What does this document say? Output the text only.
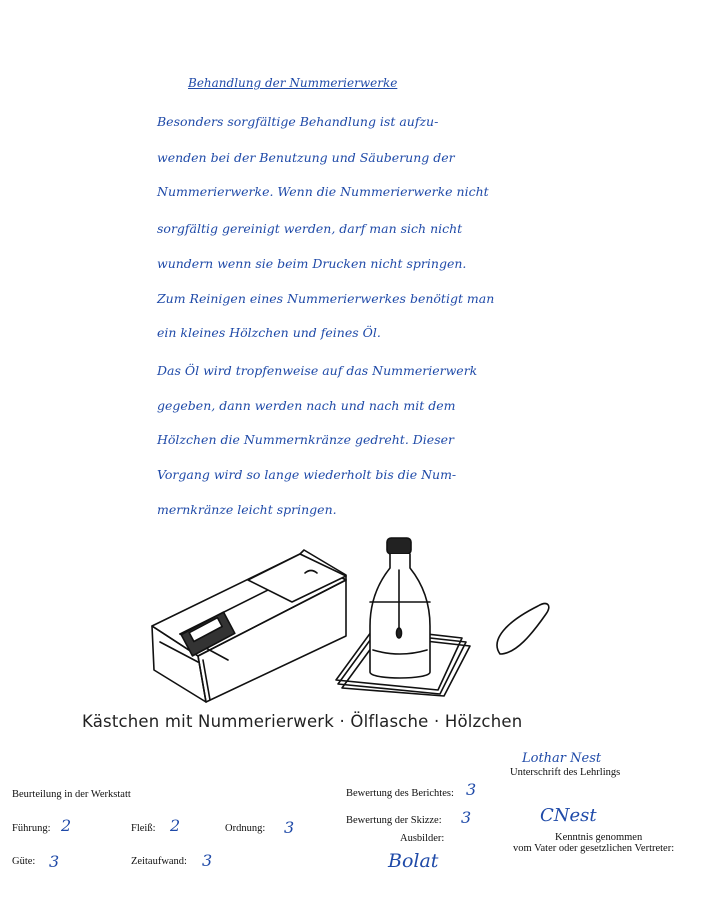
Behandlung der Nummerierwerke
Besonders sorgfältige Behandlung ist aufzu-
wenden bei der Benutzung und Säuberung der
Nummerierwerke. Wenn die Nummerierwerke nicht
sorgfältig gereinigt werden, darf man sich nicht
wundern wenn sie beim Drucken nicht springen.
Zum Reinigen eines Nummerierwerkes benötigt man
ein kleines Hölzchen und feines Öl.
Das Öl wird tropfenweise auf das Nummerierwerk
gegeben, dann werden nach und nach mit dem
Hölzchen die Nummernkränze gedreht. Dieser
Vorgang wird so lange wiederholt bis die Num-
mernkränze leicht springen.
Kästchen mit Nummerierwerk · Ölflasche · Hölzchen
Lothar Nest
Unterschrift des Lehrlings
Beurteilung in der Werkstatt
Führung: 2	Fleiß: 2	Ordnung: 3
Güte: 3	Zeitaufwand: 3
Bewertung des Berichtes: 3
Bewertung der Skizze: 3
Ausbilder:
Bolat
CNest
Kenntnis genommen
vom Vater oder gesetzlichen Vertreter:
